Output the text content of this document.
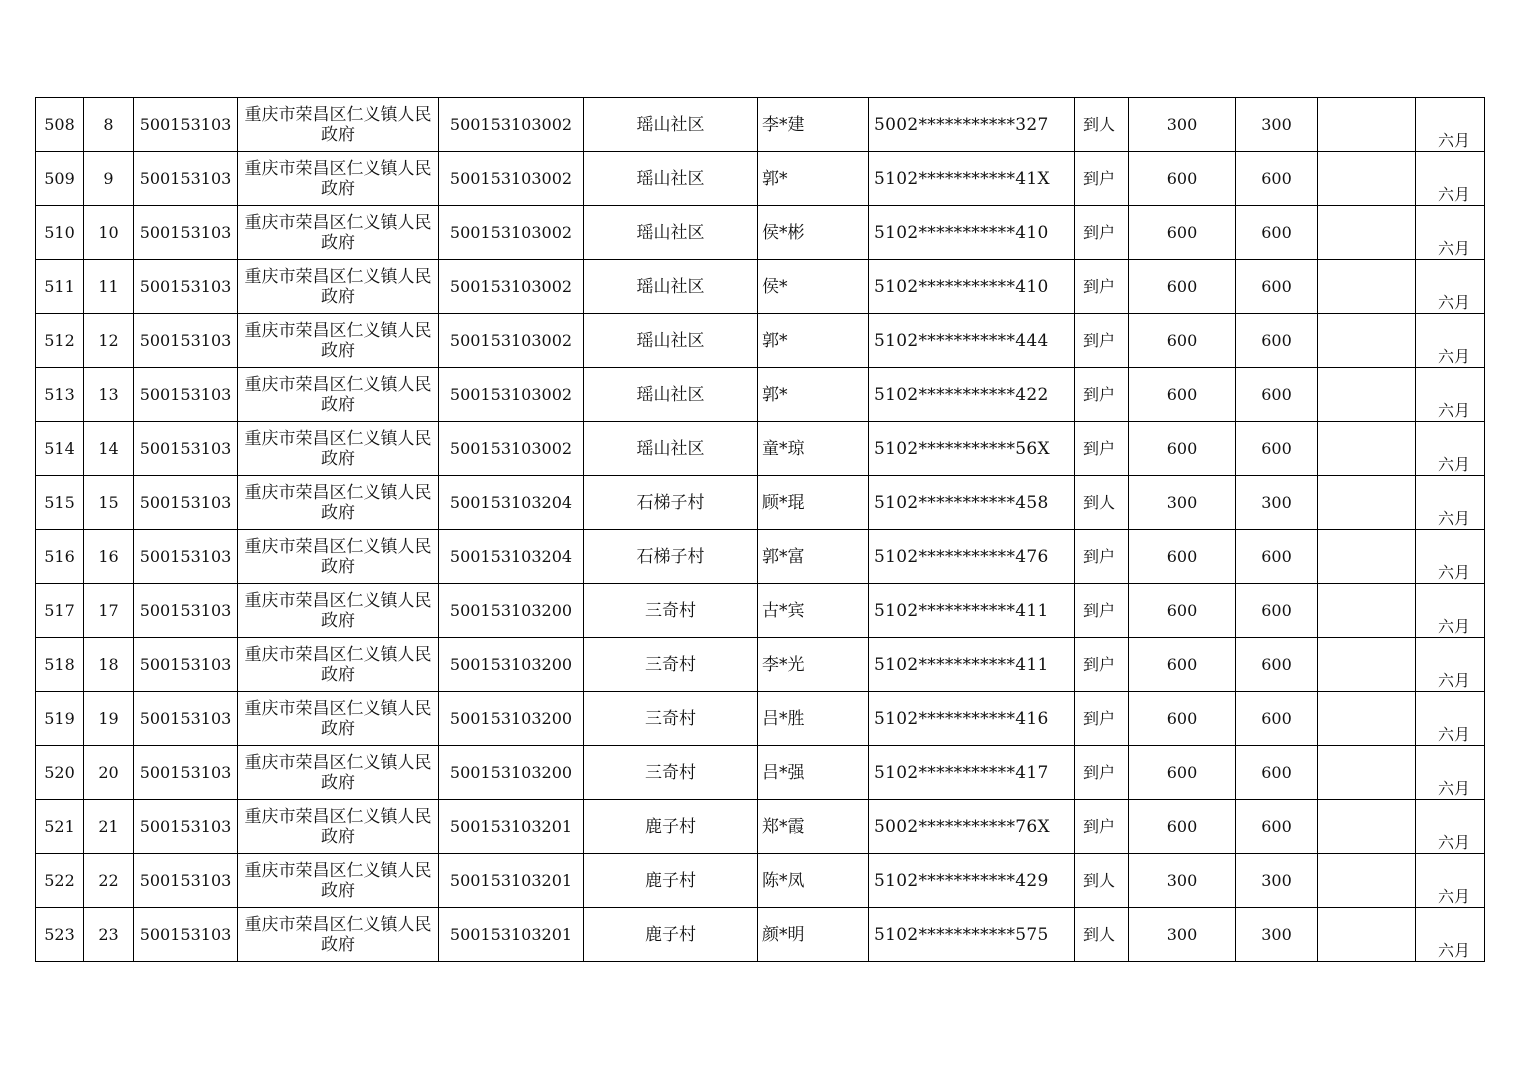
508	8	500153103	重庆市荣昌区仁义镇人民政府	500153103002	瑶山社区	李*建	5002***********327	到人	300	300		六月
509	9	500153103	重庆市荣昌区仁义镇人民政府	500153103002	瑶山社区	郭*	5102***********41X	到户	600	600		六月
510	10	500153103	重庆市荣昌区仁义镇人民政府	500153103002	瑶山社区	侯*彬	5102***********410	到户	600	600		六月
511	11	500153103	重庆市荣昌区仁义镇人民政府	500153103002	瑶山社区	侯*	5102***********410	到户	600	600		六月
512	12	500153103	重庆市荣昌区仁义镇人民政府	500153103002	瑶山社区	郭*	5102***********444	到户	600	600		六月
513	13	500153103	重庆市荣昌区仁义镇人民政府	500153103002	瑶山社区	郭*	5102***********422	到户	600	600		六月
514	14	500153103	重庆市荣昌区仁义镇人民政府	500153103002	瑶山社区	童*琼	5102***********56X	到户	600	600		六月
515	15	500153103	重庆市荣昌区仁义镇人民政府	500153103204	石梯子村	顾*琨	5102***********458	到人	300	300		六月
516	16	500153103	重庆市荣昌区仁义镇人民政府	500153103204	石梯子村	郭*富	5102***********476	到户	600	600		六月
517	17	500153103	重庆市荣昌区仁义镇人民政府	500153103200	三奇村	古*宾	5102***********411	到户	600	600		六月
518	18	500153103	重庆市荣昌区仁义镇人民政府	500153103200	三奇村	李*光	5102***********411	到户	600	600		六月
519	19	500153103	重庆市荣昌区仁义镇人民政府	500153103200	三奇村	吕*胜	5102***********416	到户	600	600		六月
520	20	500153103	重庆市荣昌区仁义镇人民政府	500153103200	三奇村	吕*强	5102***********417	到户	600	600		六月
521	21	500153103	重庆市荣昌区仁义镇人民政府	500153103201	鹿子村	郑*霞	5002***********76X	到户	600	600		六月
522	22	500153103	重庆市荣昌区仁义镇人民政府	500153103201	鹿子村	陈*凤	5102***********429	到人	300	300		六月
523	23	500153103	重庆市荣昌区仁义镇人民政府	500153103201	鹿子村	颜*明	5102***********575	到人	300	300		六月
